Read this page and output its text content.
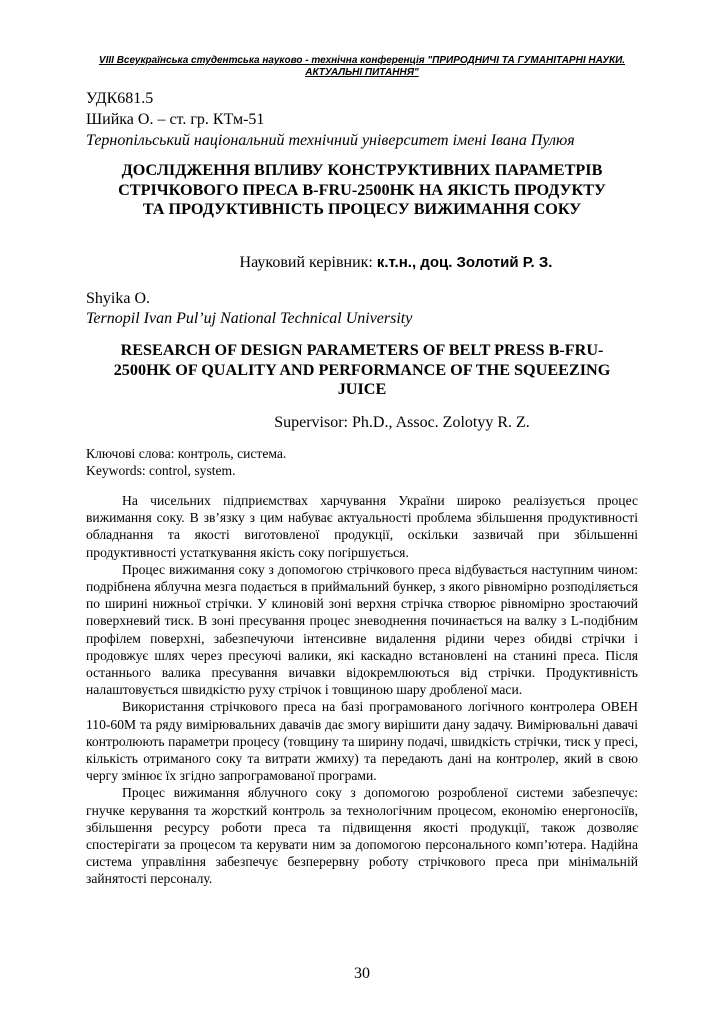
VIII Всеукраїнська студентська науково - технічна конференція "ПРИРОДНИЧІ ТА ГУМАНІТАРНІ НАУКИ. АКТУАЛЬНІ ПИТАННЯ"
УДК681.5
Шийка О. – ст. гр. КТм-51
Тернопільський національний технічний університет імені Івана Пулюя
ДОСЛІДЖЕННЯ ВПЛИВУ КОНСТРУКТИВНИХ ПАРАМЕТРІВ СТРІЧКОВОГО ПРЕСА B-FRU-2500HK НА ЯКІСТЬ ПРОДУКТУ ТА ПРОДУКТИВНІСТЬ ПРОЦЕСУ ВИЖИМАННЯ СОКУ
Науковий керівник: к.т.н., доц. Золотий Р. З.
Shyika O.
Ternopil Ivan Pul’uj National Technical University
RESEARCH OF DESIGN PARAMETERS OF BELT PRESS B-FRU-2500HK OF QUALITY AND PERFORMANCE OF THE SQUEEZING JUICE
Supervisor: Ph.D., Assoc. Zolotyy R. Z.
Ключові слова: контроль, система.
Keywords: control, system.

На чисельних підприємствах харчування України широко реалізується процес вижимання соку. В зв’язку з цим набуває актуальності проблема збільшення продуктивності обладнання та якості виготовленої продукції, оскільки зазвичай при збільшенні продуктивності устаткування якість соку погіршується.

Процес вижимання соку з допомогою стрічкового преса відбувається наступним чином: подрібнена яблучна мезга подається в приймальний бункер, з якого рівномірно розподіляється по ширині нижньої стрічки. У клиновій зоні верхня стрічка створює рівномірно зростаючий поверхневий тиск. В зоні пресування процес зневоднення починається на валку з L-подібним профілем поверхні, забезпечуючи інтенсивне видалення рідини через обидві стрічки і продовжує шлях через пресуючі валики, які каскадно встановлені на станині преса. Після останнього валика пресування вичавки відокремлюються від стрічки. Продуктивність налаштовується швидкістю руху стрічок і товщиною шару дробленої маси.

Використання стрічкового преса на базі програмованого логічного контролера ОВЕН 110-60М та ряду вимірювальних давачів дає змогу вирішити дану задачу. Вимірювальні давачі контролюють параметри процесу (товщину та ширину подачі, швидкість стрічки, тиск у пресі, кількість отриманого соку та витрати жмиху) та передають дані на контролер, який в свою чергу змінює їх згідно запрограмованої програми.

Процес вижимання яблучного соку з допомогою розробленої системи забезпечує: гнучке керування та жорсткий контроль за технологічним процесом, економію енергоносіїв, збільшення ресурсу роботи преса та підвищення якості продукції, також дозволяє спостерігати за процесом та керувати ним за допомогою персонального комп’ютера. Надійна система управління забезпечує безперервну роботу стрічкового преса при мінімальній зайнятості персоналу.

30
